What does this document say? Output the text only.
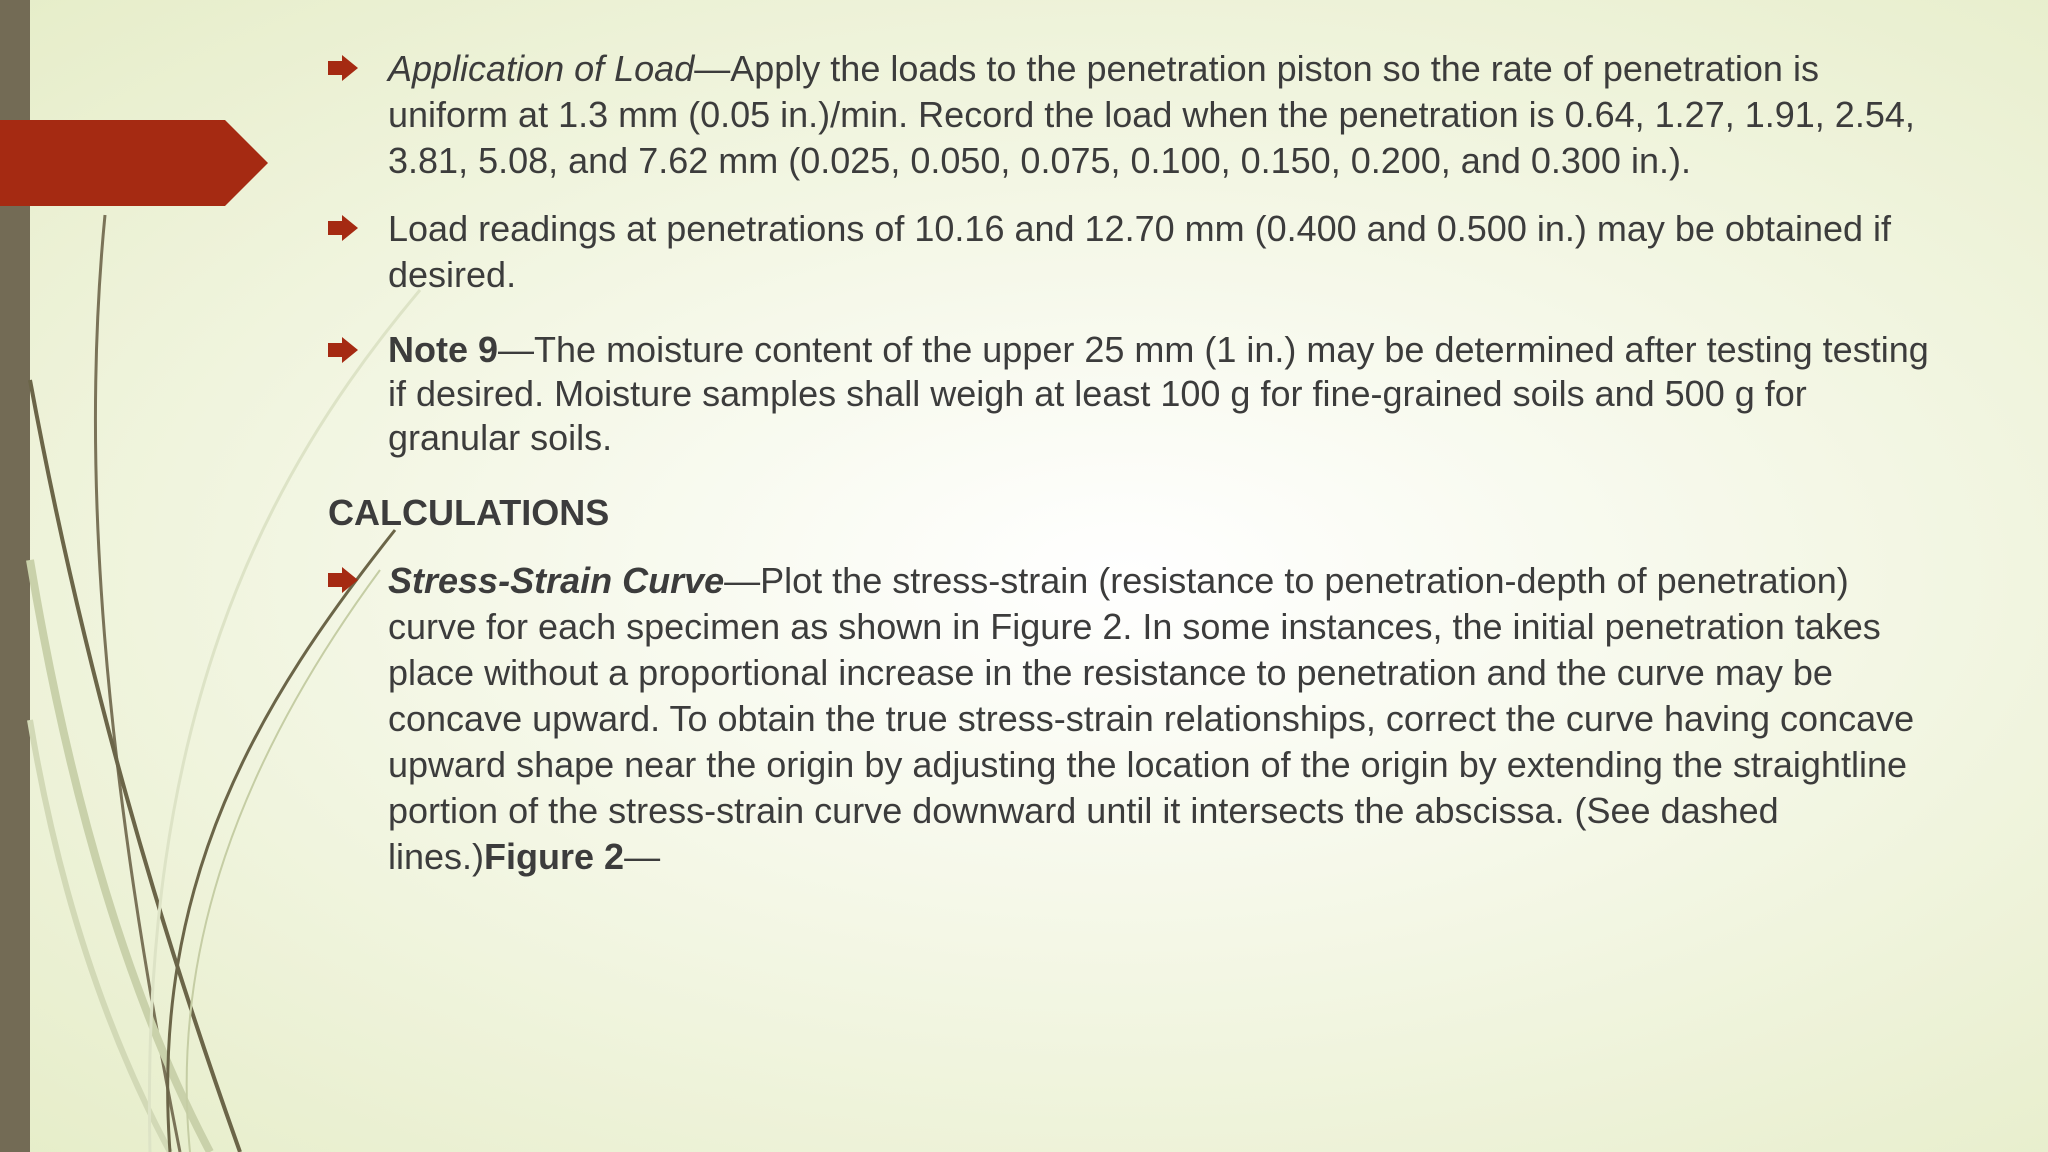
Application of Load—Apply the loads to the penetration piston so the rate of penetration is uniform at 1.3 mm (0.05 in.)/min. Record the load when the penetration is 0.64, 1.27, 1.91, 2.54, 3.81, 5.08, and 7.62 mm (0.025, 0.050, 0.075, 0.100, 0.150, 0.200, and 0.300 in.).
Load readings at penetrations of 10.16 and 12.70 mm (0.400 and 0.500 in.) may be obtained if desired.
Note 9—The moisture content of the upper 25 mm (1 in.) may be determined after testing testing if desired. Moisture samples shall weigh at least 100 g for fine-grained soils and 500 g for granular soils.
CALCULATIONS
Stress-Strain Curve—Plot the stress-strain (resistance to penetration-depth of penetration) curve for each specimen as shown in Figure 2. In some instances, the initial penetration takes place without a proportional increase in the resistance to penetration and the curve may be concave upward. To obtain the true stress-strain relationships, correct the curve having concave upward shape near the origin by adjusting the location of the origin by extending the straightline portion of the stress-strain curve downward until it intersects the abscissa. (See dashed lines.)Figure 2—
